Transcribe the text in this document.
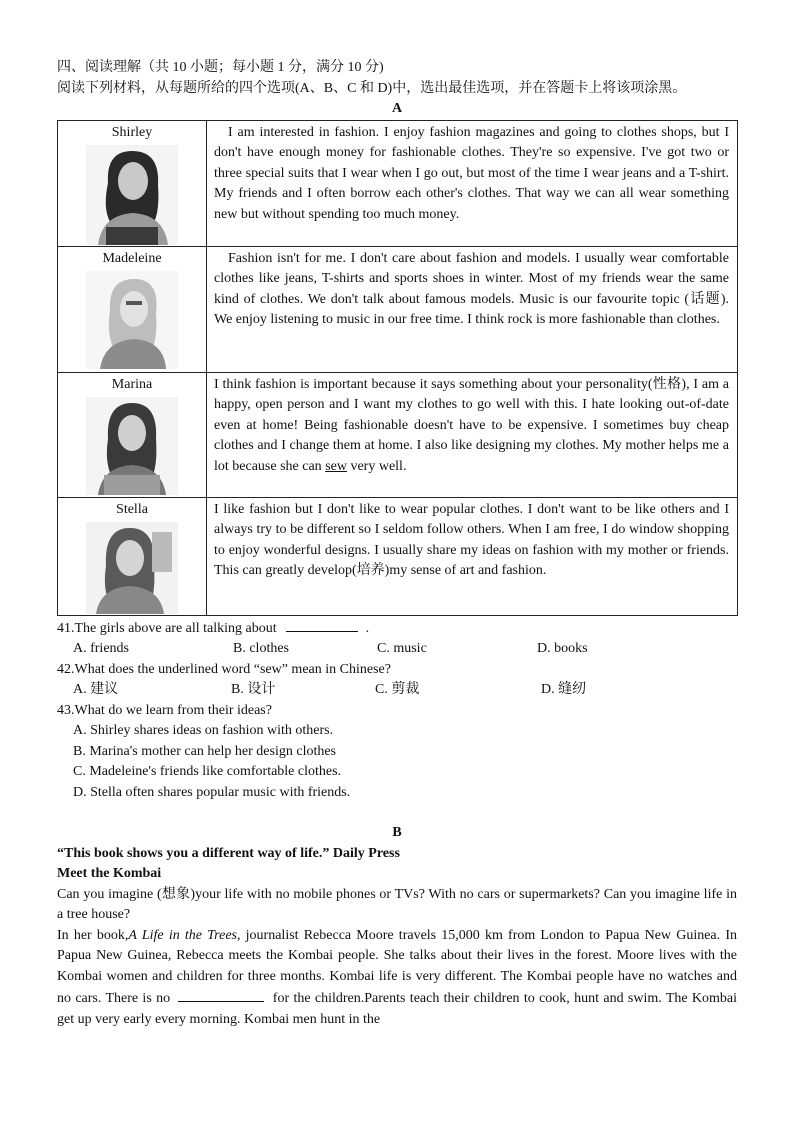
四、阅读理解（共 10 小题；每小题 1 分，满分 10 分)
阅读下列材料，从每题所给的四个选项(A、B、C 和 D)中，选出最佳选项，并在答题卡上将该项涂黑。
A
Shirley	I am interested in fashion. I enjoy fashion magazines and going to clothes shops, but I don't have enough money for fashionable clothes. They're so expensive. I've got two or three special suits that I wear when I go out, but most of the time I wear jeans and a T-shirt. My friends and I often borrow each other's clothes. That way we can all wear something new but without spending too much money.

Madeleine	Fashion isn't for me. I don't care about fashion and models. I usually wear comfortable clothes like jeans, T-shirts and sports shoes in winter. Most of my friends wear the same kind of clothes. We don't talk about famous models. Music is our favourite topic (话题). We enjoy listening to music in our free time. I think rock is more fashionable than clothes.

Marina	I think fashion is important because it says something about your personality(性格), I am a happy, open person and I want my clothes to go well with this. I hate looking out-of-date even at home! Being fashionable doesn't have to be expensive. I sometimes buy cheap clothes and I change them at home. I also like designing my clothes. My mother helps me a lot because she can sew very well.

Stella	I like fashion but I don't like to wear popular clothes. I don't want to be like others and I always try to be different so I seldom follow others. When I am free, I do window shopping to enjoy wonderful designs. I usually share my ideas on fashion with my mother or friends. This can greatly develop(培养)my sense of art and fashion.
41.The girls above are all talking about	.
A. friends	B. clothes	C. music	D. books
42.What does the underlined word “sew” mean in Chinese?
A. 建议	B. 设计	C. 剪裁	D. 缝纫
43.What do we learn from their ideas?
A. Shirley shares ideas on fashion with others.
B. Marina's mother can help her design clothes
C. Madeleine's friends like comfortable clothes.
D. Stella often shares popular music with friends.
B
“This book shows you a different way of life.” Daily Press
Meet the Kombai
Can you imagine (想象)your life with no mobile phones or TVs? With no cars or supermarkets? Can you imagine life in a tree house?
In her book,A Life in the Trees, journalist Rebecca Moore travels 15,000 km from London to Papua New Guinea. In Papua New Guinea, Rebecca meets the Kombai people. She talks about their lives in the forest. Moore lives with the Kombai women and children for three months. Kombai life is very different. The Kombai people have no watches and no cars. There is no	for the children.Parents teach their children to cook, hunt and swim. The Kombai get up very early every morning. Kombai men hunt in the
